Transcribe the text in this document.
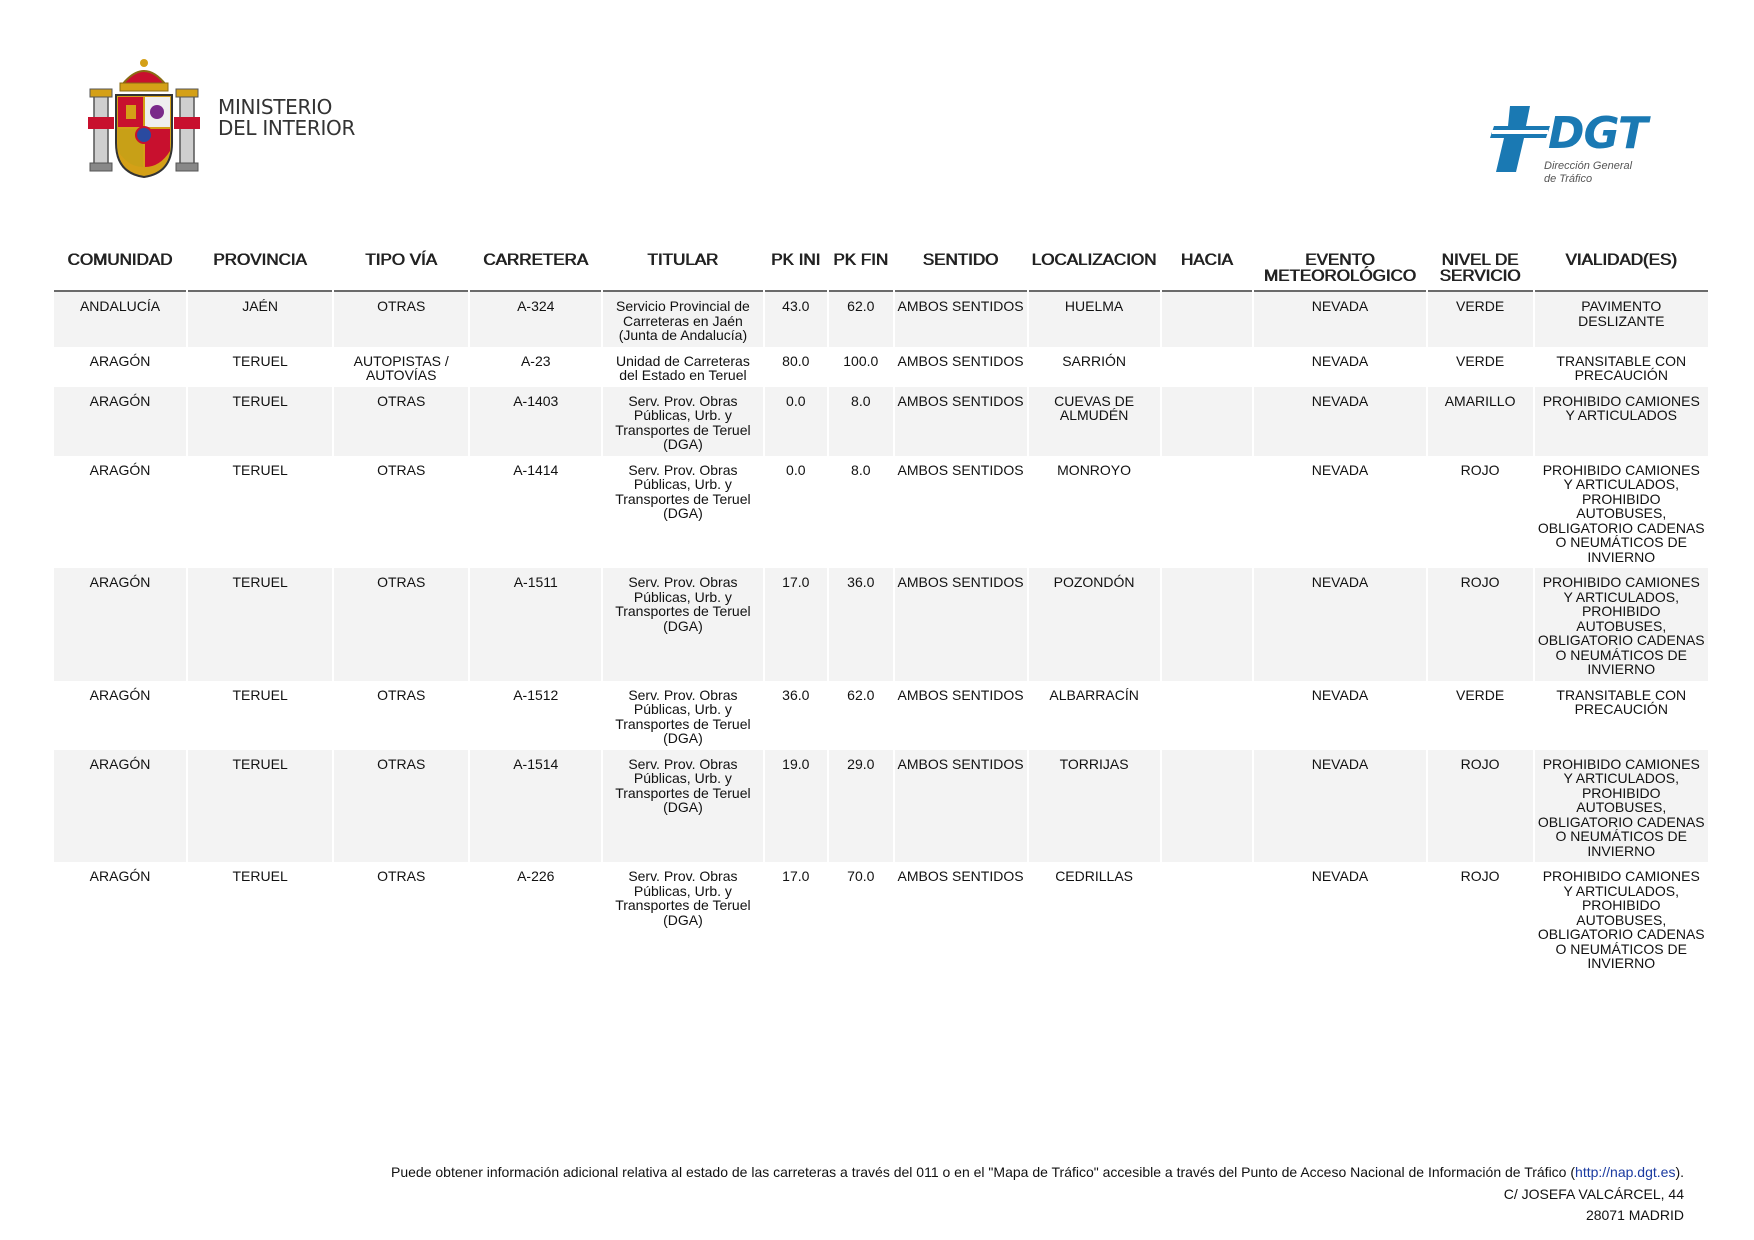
MINISTERIO
DEL INTERIOR	DGT
Dirección General
de Tráfico
COMUNIDAD	PROVINCIA	TIPO VÍA	CARRETERA	TITULAR	PK INI	PK FIN	SENTIDO	LOCALIZACION	HACIA	EVENTO METEOROLÓGICO	NIVEL DE SERVICIO	VIALIDAD(ES)
ANDALUCÍA	JAÉN	OTRAS	A-324	Servicio Provincial de Carreteras en Jaén (Junta de Andalucía)	43.0	62.0	AMBOS SENTIDOS	HUELMA		NEVADA	VERDE	PAVIMENTO DESLIZANTE
ARAGÓN	TERUEL	AUTOPISTAS / AUTOVÍAS	A-23	Unidad de Carreteras del Estado en Teruel	80.0	100.0	AMBOS SENTIDOS	SARRIÓN		NEVADA	VERDE	TRANSITABLE CON PRECAUCIÓN
ARAGÓN	TERUEL	OTRAS	A-1403	Serv. Prov. Obras Públicas, Urb. y Transportes de Teruel (DGA)	0.0	8.0	AMBOS SENTIDOS	CUEVAS DE ALMUDÉN		NEVADA	AMARILLO	PROHIBIDO CAMIONES Y ARTICULADOS
ARAGÓN	TERUEL	OTRAS	A-1414	Serv. Prov. Obras Públicas, Urb. y Transportes de Teruel (DGA)	0.0	8.0	AMBOS SENTIDOS	MONROYO		NEVADA	ROJO	PROHIBIDO CAMIONES Y ARTICULADOS, PROHIBIDO AUTOBUSES, OBLIGATORIO CADENAS O NEUMÁTICOS DE INVIERNO
ARAGÓN	TERUEL	OTRAS	A-1511	Serv. Prov. Obras Públicas, Urb. y Transportes de Teruel (DGA)	17.0	36.0	AMBOS SENTIDOS	POZONDÓN		NEVADA	ROJO	PROHIBIDO CAMIONES Y ARTICULADOS, PROHIBIDO AUTOBUSES, OBLIGATORIO CADENAS O NEUMÁTICOS DE INVIERNO
ARAGÓN	TERUEL	OTRAS	A-1512	Serv. Prov. Obras Públicas, Urb. y Transportes de Teruel (DGA)	36.0	62.0	AMBOS SENTIDOS	ALBARRACÍN		NEVADA	VERDE	TRANSITABLE CON PRECAUCIÓN
ARAGÓN	TERUEL	OTRAS	A-1514	Serv. Prov. Obras Públicas, Urb. y Transportes de Teruel (DGA)	19.0	29.0	AMBOS SENTIDOS	TORRIJAS		NEVADA	ROJO	PROHIBIDO CAMIONES Y ARTICULADOS, PROHIBIDO AUTOBUSES, OBLIGATORIO CADENAS O NEUMÁTICOS DE INVIERNO
ARAGÓN	TERUEL	OTRAS	A-226	Serv. Prov. Obras Públicas, Urb. y Transportes de Teruel (DGA)	17.0	70.0	AMBOS SENTIDOS	CEDRILLAS		NEVADA	ROJO	PROHIBIDO CAMIONES Y ARTICULADOS, PROHIBIDO AUTOBUSES, OBLIGATORIO CADENAS O NEUMÁTICOS DE INVIERNO
Puede obtener información adicional relativa al estado de las carreteras a través del 011 o en el "Mapa de Tráfico" accesible a través del Punto de Acceso Nacional de Información de Tráfico (http://nap.dgt.es).
C/ JOSEFA VALCÁRCEL, 44
28071 MADRID
